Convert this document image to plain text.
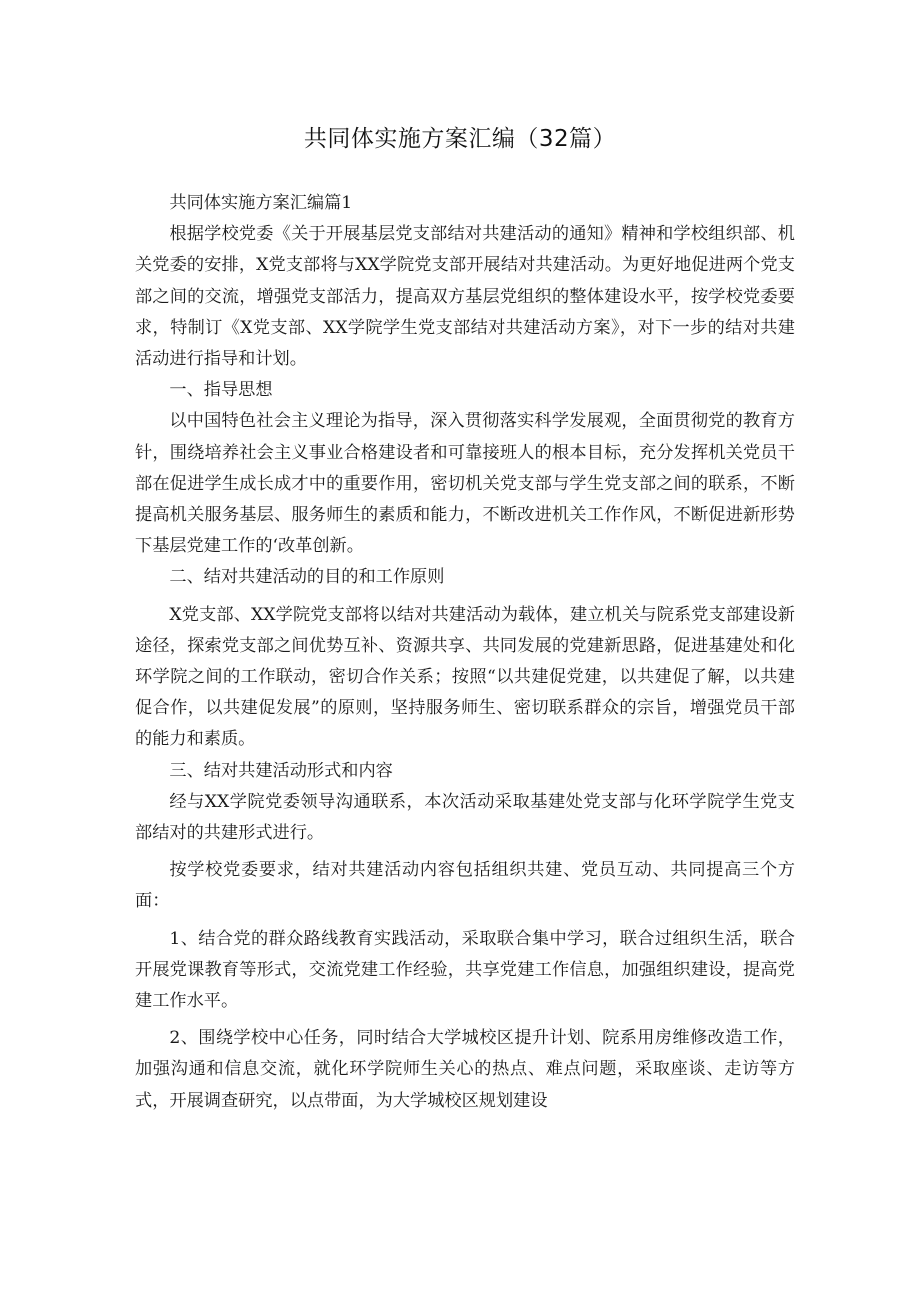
共同体实施方案汇编（32篇）

共同体实施方案汇编篇1

根据学校党委《关于开展基层党支部结对共建活动的通知》精神和学校组织部、机关党委的安排，X党支部将与XX学院党支部开展结对共建活动。为更好地促进两个党支部之间的交流，增强党支部活力，提高双方基层党组织的整体建设水平，按学校党委要求，特制订《X党支部、XX学院学生党支部结对共建活动方案》，对下一步的结对共建活动进行指导和计划。

一、指导思想

以中国特色社会主义理论为指导，深入贯彻落实科学发展观，全面贯彻党的教育方针，围绕培养社会主义事业合格建设者和可靠接班人的根本目标，充分发挥机关党员干部在促进学生成长成才中的重要作用，密切机关党支部与学生党支部之间的联系，不断提高机关服务基层、服务师生的素质和能力，不断改进机关工作作风，不断促进新形势下基层党建工作的‘改革创新。

二、结对共建活动的目的和工作原则

X党支部、XX学院党支部将以结对共建活动为载体，建立机关与院系党支部建设新途径，探索党支部之间优势互补、资源共享、共同发展的党建新思路，促进基建处和化环学院之间的工作联动，密切合作关系；按照“以共建促党建，以共建促了解，以共建促合作，以共建促发展”的原则，坚持服务师生、密切联系群众的宗旨，增强党员干部的能力和素质。

三、结对共建活动形式和内容

经与XX学院党委领导沟通联系，本次活动采取基建处党支部与化环学院学生党支部结对的共建形式进行。

按学校党委要求，结对共建活动内容包括组织共建、党员互动、共同提高三个方面：

1、结合党的群众路线教育实践活动，采取联合集中学习，联合过组织生活，联合开展党课教育等形式，交流党建工作经验，共享党建工作信息，加强组织建设，提高党建工作水平。

2、围绕学校中心任务，同时结合大学城校区提升计划、院系用房维修改造工作，加强沟通和信息交流，就化环学院师生关心的热点、难点问题，采取座谈、走访等方式，开展调查研究，以点带面，为大学城校区规划建设
